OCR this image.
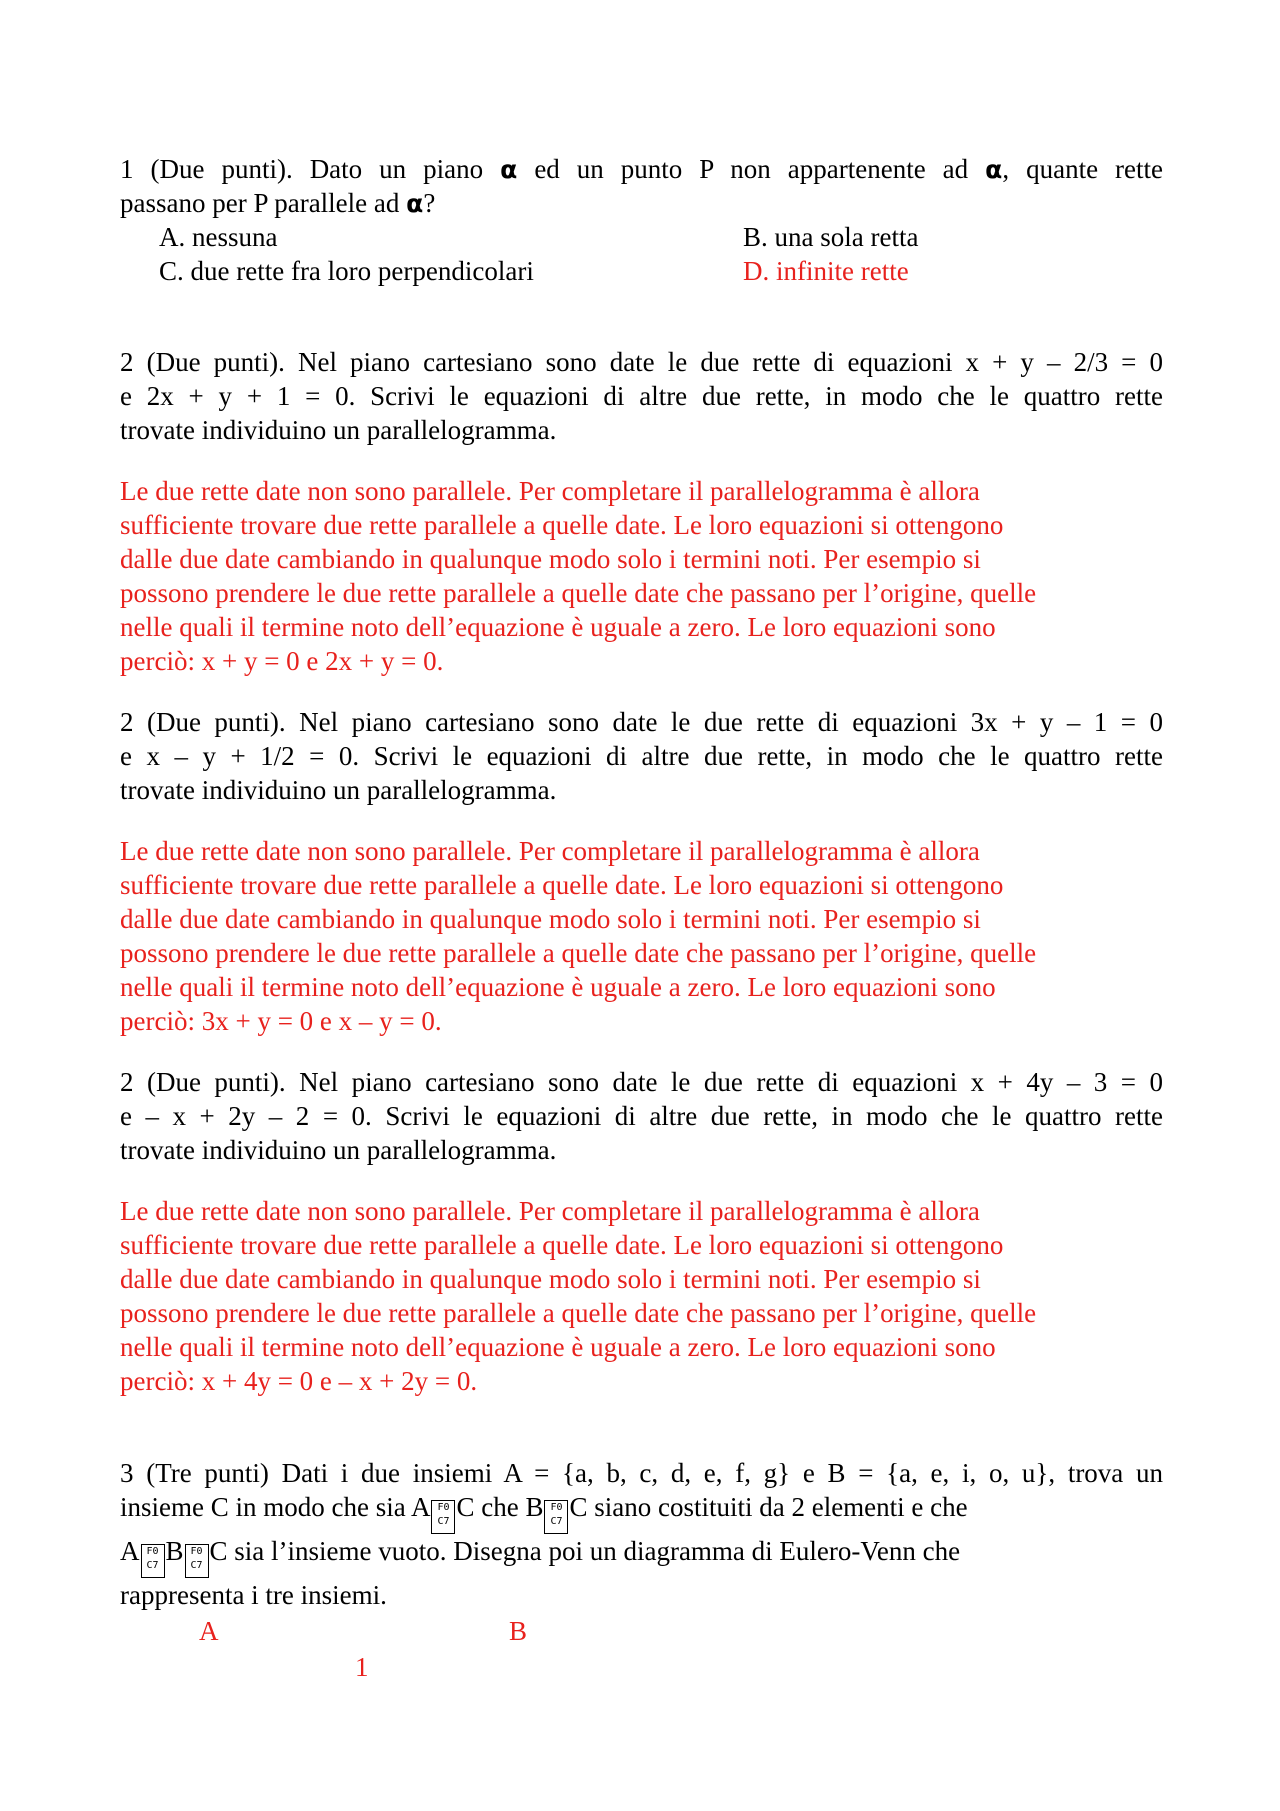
1 (Due punti). Dato un piano α ed un punto P non appartenente ad α, quante rette
passano per P parallele ad α?
A. nessuna	B. una sola retta
C. due rette fra loro perpendicolari	D. infinite rette
2 (Due punti). Nel piano cartesiano sono date le due rette di equazioni x + y – 2/3 = 0
e 2x + y + 1 = 0. Scrivi le equazioni di altre due rette, in modo che le quattro rette
trovate individuino un parallelogramma.
Le due rette date non sono parallele. Per completare il parallelogramma è allora
sufficiente trovare due rette parallele a quelle date. Le loro equazioni si ottengono
dalle due date cambiando in qualunque modo solo i termini noti. Per esempio si
possono prendere le due rette parallele a quelle date che passano per l’origine, quelle
nelle quali il termine noto dell’equazione è uguale a zero. Le loro equazioni sono
perciò: x + y = 0 e 2x + y = 0.
2 (Due punti). Nel piano cartesiano sono date le due rette di equazioni 3x + y – 1 = 0
e x – y + 1/2 = 0. Scrivi le equazioni di altre due rette, in modo che le quattro rette
trovate individuino un parallelogramma.
Le due rette date non sono parallele. Per completare il parallelogramma è allora
sufficiente trovare due rette parallele a quelle date. Le loro equazioni si ottengono
dalle due date cambiando in qualunque modo solo i termini noti. Per esempio si
possono prendere le due rette parallele a quelle date che passano per l’origine, quelle
nelle quali il termine noto dell’equazione è uguale a zero. Le loro equazioni sono
perciò: 3x + y = 0 e x – y = 0.
2 (Due punti). Nel piano cartesiano sono date le due rette di equazioni x + 4y – 3 = 0
e – x + 2y – 2 = 0. Scrivi le equazioni di altre due rette, in modo che le quattro rette
trovate individuino un parallelogramma.
Le due rette date non sono parallele. Per completare il parallelogramma è allora
sufficiente trovare due rette parallele a quelle date. Le loro equazioni si ottengono
dalle due date cambiando in qualunque modo solo i termini noti. Per esempio si
possono prendere le due rette parallele a quelle date che passano per l’origine, quelle
nelle quali il termine noto dell’equazione è uguale a zero. Le loro equazioni sono
perciò: x + 4y = 0 e – x + 2y = 0.
3 (Tre punti) Dati i due insiemi A = {a, b, c, d, e, f, g} e B = {a, e, i, o, u}, trova un
insieme C in modo che sia A F0
C7 C che B F0
C7 C siano costituiti da 2 elementi e che
A F0
C7 B F0
C7 C sia l’insieme vuoto. Disegna poi un diagramma di Eulero-Venn che
rappresenta i tre insiemi.
A	B
1
